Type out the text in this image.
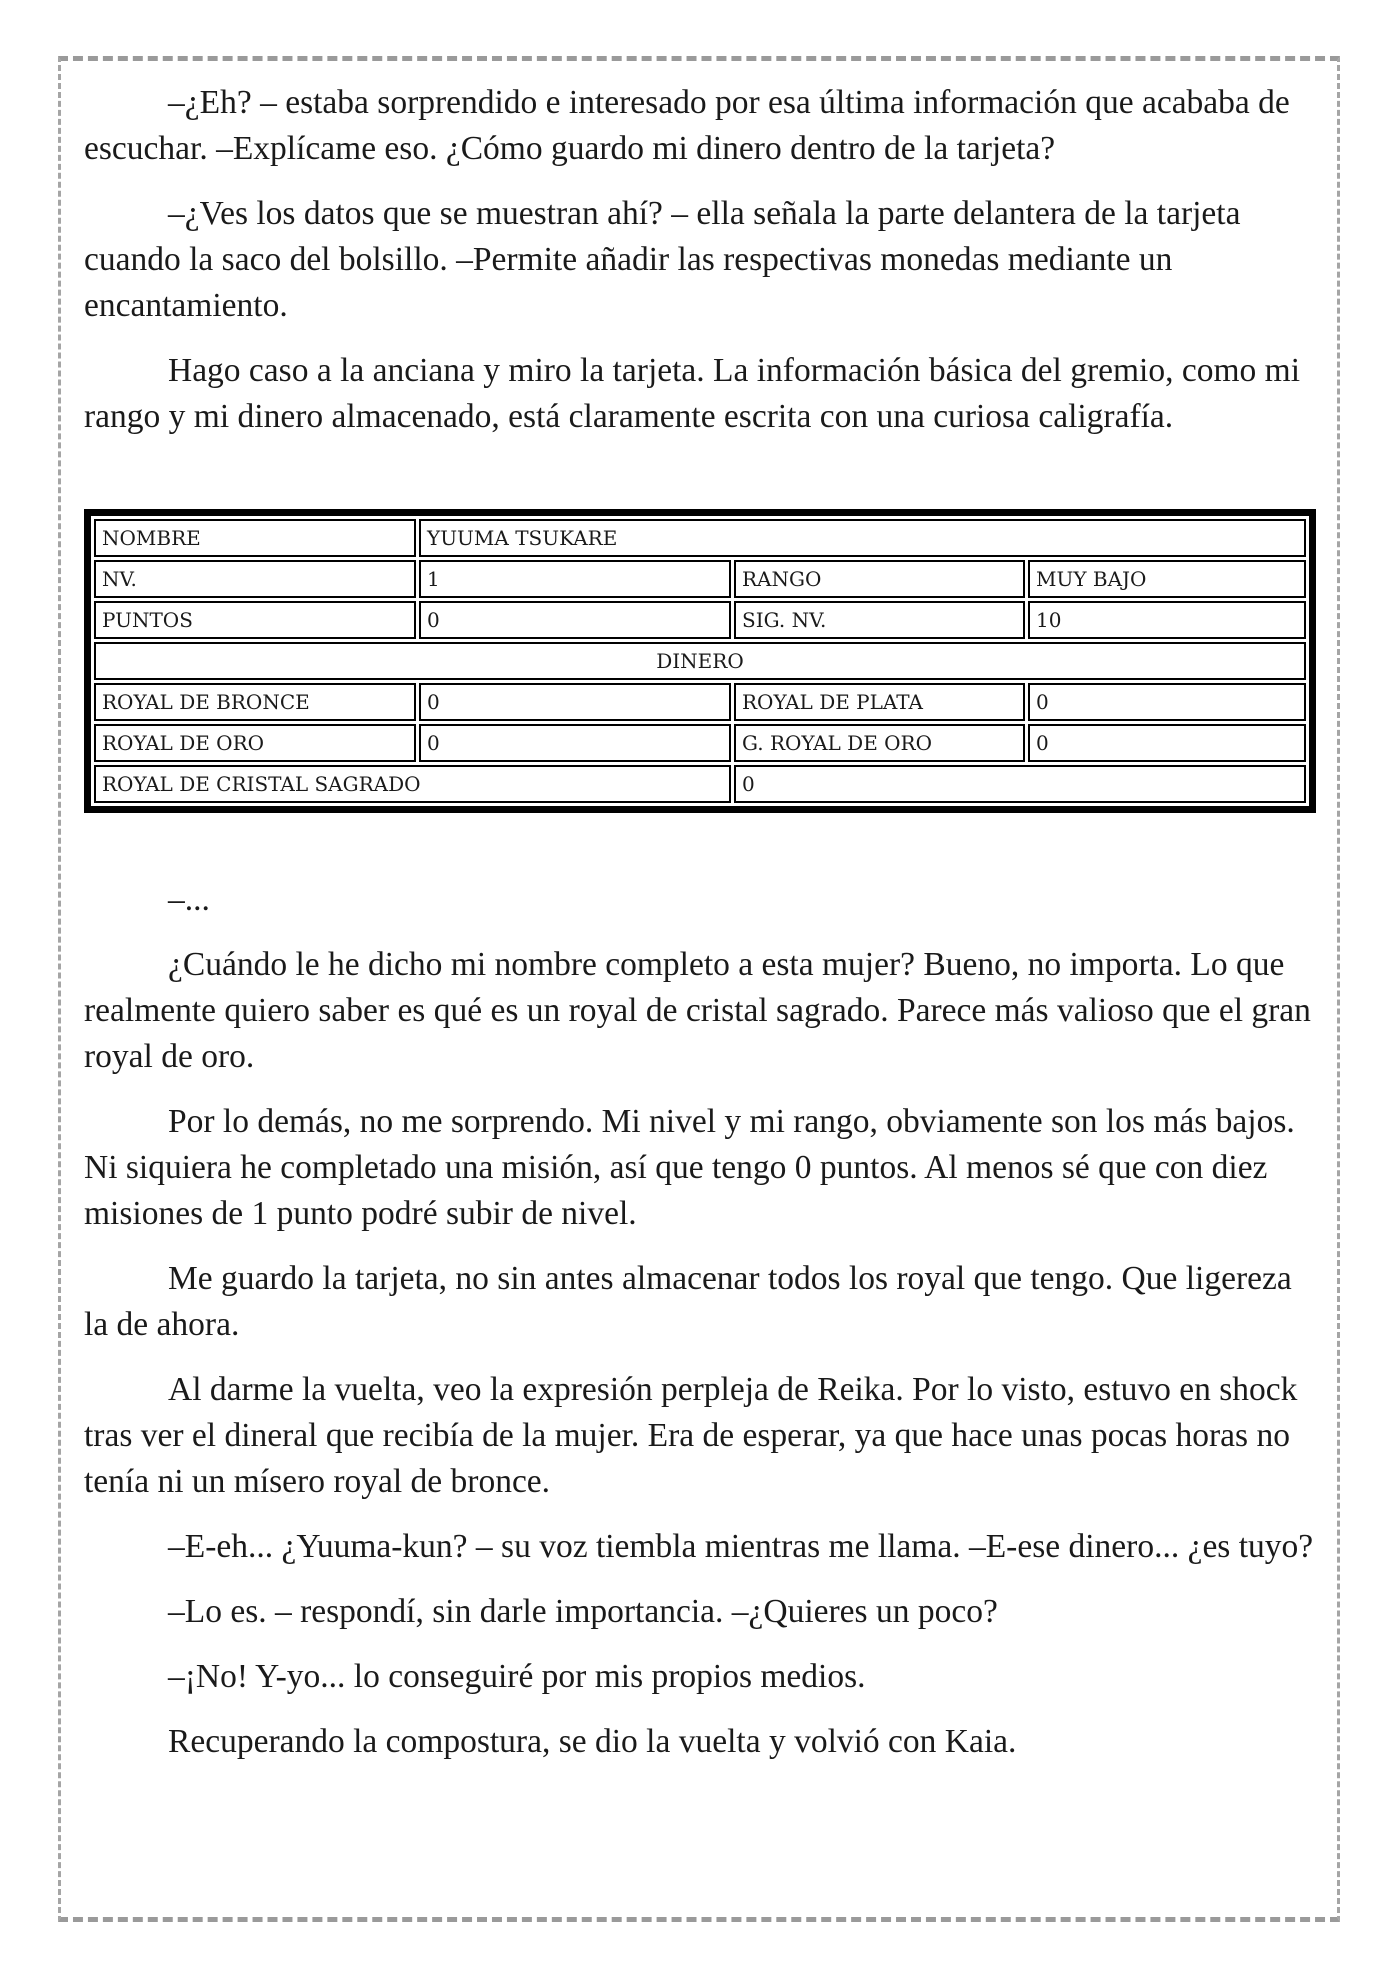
–¿Eh? – estaba sorprendido e interesado por esa última información que acababa de escuchar. –Explícame eso. ¿Cómo guardo mi dinero dentro de la tarjeta?

–¿Ves los datos que se muestran ahí? – ella señala la parte delantera de la tarjeta cuando la saco del bolsillo. –Permite añadir las respectivas monedas mediante un encantamiento.

Hago caso a la anciana y miro la tarjeta. La información básica del gremio, como mi rango y mi dinero almacenado, está claramente escrita con una curiosa caligrafía.

NOMBRE	YUUMA TSUKARE		
NV.	1	RANGO	MUY BAJO
PUNTOS	0	SIG. NV.	10
DINERO			
ROYAL DE BRONCE	0	ROYAL DE PLATA	0
ROYAL DE ORO	0	G. ROYAL DE ORO	0
ROYAL DE CRISTAL SAGRADO		0	

–...

¿Cuándo le he dicho mi nombre completo a esta mujer? Bueno, no importa. Lo que realmente quiero saber es qué es un royal de cristal sagrado. Parece más valioso que el gran royal de oro.

Por lo demás, no me sorprendo. Mi nivel y mi rango, obviamente son los más bajos. Ni siquiera he completado una misión, así que tengo 0 puntos. Al menos sé que con diez misiones de 1 punto podré subir de nivel.

Me guardo la tarjeta, no sin antes almacenar todos los royal que tengo. Que ligereza la de ahora.

Al darme la vuelta, veo la expresión perpleja de Reika. Por lo visto, estuvo en shock tras ver el dineral que recibía de la mujer. Era de esperar, ya que hace unas pocas horas no tenía ni un mísero royal de bronce.

–E-eh... ¿Yuuma-kun? – su voz tiembla mientras me llama. –E-ese dinero... ¿es tuyo?

–Lo es. – respondí, sin darle importancia. –¿Quieres un poco?

–¡No! Y-yo... lo conseguiré por mis propios medios.

Recuperando la compostura, se dio la vuelta y volvió con Kaia.
